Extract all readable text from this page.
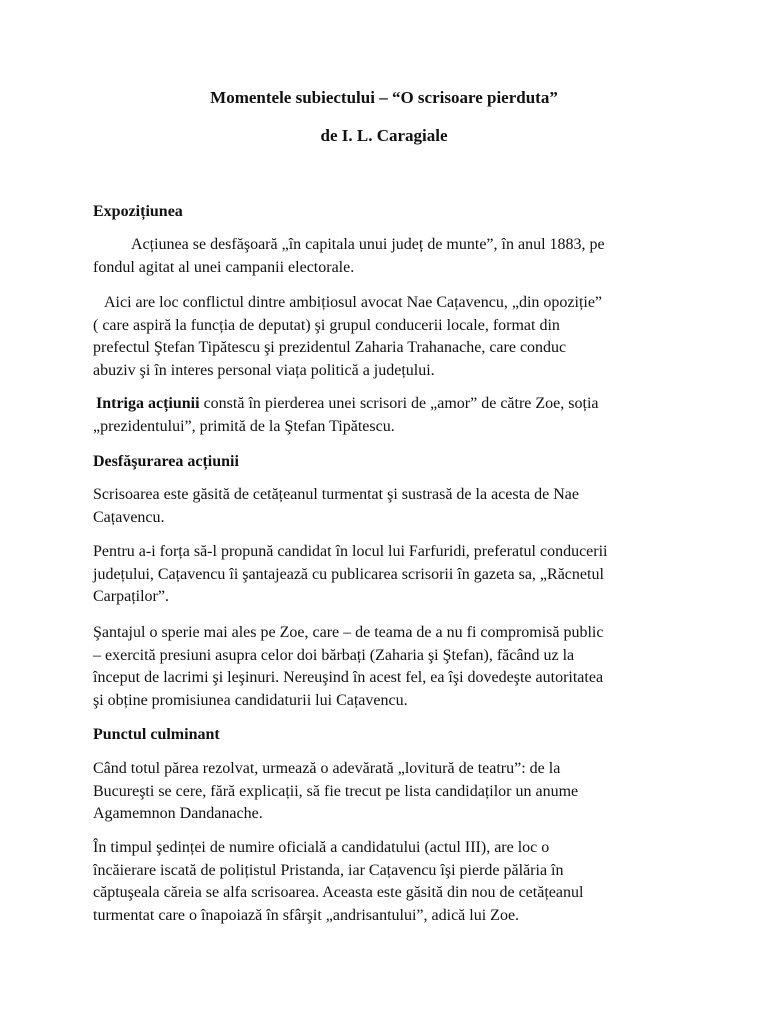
Momentele subiectului – “O scrisoare pierduta”
de I. L. Caragiale
Expozițiunea

Acțiunea se desfăşoară „în capitala unui județ de munte”, în anul 1883, pe
fondul agitat al unei campanii electorale.

Aici are loc conflictul dintre ambițiosul avocat Nae Cațavencu, „din opoziție”
( care aspiră la funcția de deputat) şi grupul conducerii locale, format din
prefectul Ştefan Tipătescu şi prezidentul Zaharia Trahanache, care conduc
abuziv şi în interes personal viața politică a județului.

Intriga acțiunii constă în pierderea unei scrisori de „amor” de către Zoe, soția
„prezidentului”, primită de la Ştefan Tipătescu.

Desfăşurarea acțiunii

Scrisoarea este găsită de cetățeanul turmentat şi sustrasă de la acesta de Nae
Cațavencu.

Pentru a-i forța să-l propună candidat în locul lui Farfuridi, preferatul conducerii
județului, Cațavencu îi şantajează cu publicarea scrisorii în gazeta sa, „Răcnetul
Carpaților”.

Şantajul o sperie mai ales pe Zoe, care – de teama de a nu fi compromisă public
– exercită presiuni asupra celor doi bărbați (Zaharia şi Ştefan), făcând uz la
început de lacrimi şi leşinuri. Nereuşind în acest fel, ea îşi dovedeşte autoritatea
şi obține promisiunea candidaturii lui Cațavencu.

Punctul culminant

Când totul părea rezolvat, urmează o adevărată „lovitură de teatru”: de la
Bucureşti se cere, fără explicații, să fie trecut pe lista candidaților un anume
Agamemnon Dandanache.

În timpul şedinței de numire oficială a candidatului (actul III), are loc o
încăierare iscată de polițistul Pristanda, iar Cațavencu îşi pierde pălăria în
căptuşeala căreia se alfa scrisoarea. Aceasta este găsită din nou de cetățeanul
turmentat care o înapoiază în sfârşit „andrisantului”, adică lui Zoe.
